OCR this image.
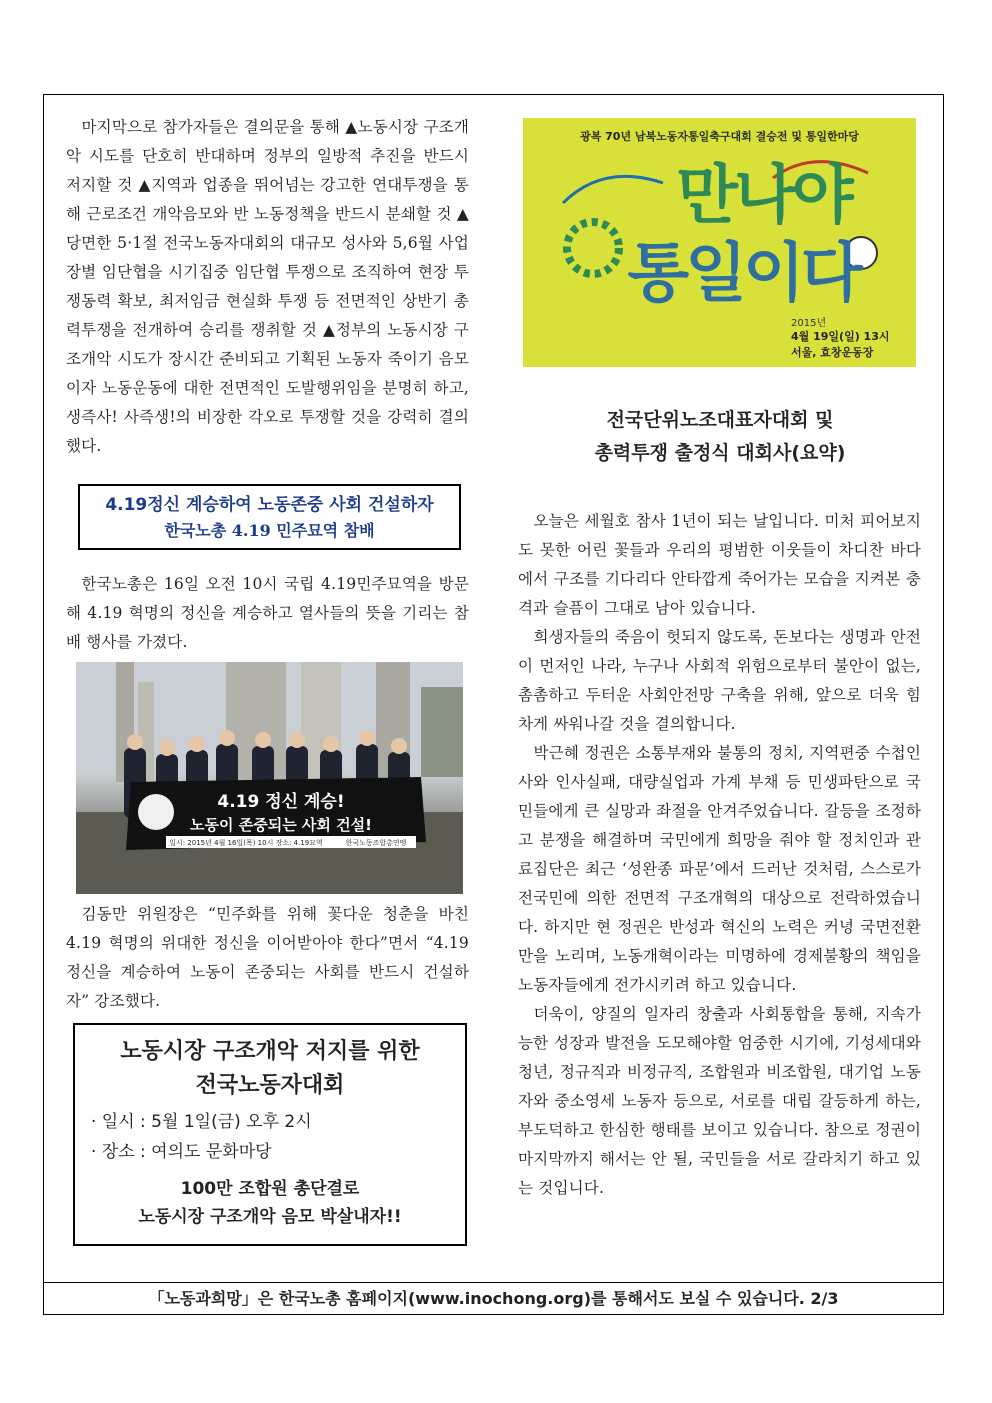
마지막으로 참가자들은 결의문을 통해 ▲노동시장 구조개악 시도를 단호히 반대하며 정부의 일방적 추진을 반드시 저지할 것 ▲지역과 업종을 뛰어넘는 강고한 연대투쟁을 통해 근로조건 개악음모와 반 노동정책을 반드시 분쇄할 것 ▲당면한 5·1절 전국노동자대회의 대규모 성사와 5,6월 사업장별 임단협을 시기집중 임단협 투쟁으로 조직하여 현장 투쟁동력 확보, 최저임금 현실화 투쟁 등 전면적인 상반기 총력투쟁을 전개하여 승리를 쟁취할 것 ▲정부의 노동시장 구조개악 시도가 장시간 준비되고 기획된 노동자 죽이기 음모이자 노동운동에 대한 전면적인 도발행위임을 분명히 하고, 생즉사! 사즉생!의 비장한 각오로 투쟁할 것을 강력히 결의했다.

4.19정신 계승하여 노동존중 사회 건설하자
한국노총 4.19 민주묘역 참배

한국노총은 16일 오전 10시 국립 4.19민주묘역을 방문해 4.19 혁명의 정신을 계승하고 열사들의 뜻을 기리는 참배 행사를 가졌다.

4.19 정신 계승!
노동이 존중되는 사회 건설!
일시: 2015년 4월 16일(목) 10시 장소: 4.19묘역	한국노동조합총연맹

김동만 위원장은 “민주화를 위해 꽃다운 청춘을 바친 4.19 혁명의 위대한 정신을 이어받아야 한다”면서 “4.19 정신을 계승하여 노동이 존중되는 사회를 반드시 건설하자” 강조했다.

노동시장 구조개악 저지를 위한
전국노동자대회
· 일시 : 5월 1일(금) 오후 2시
· 장소 : 여의도 문화마당
100만 조합원 총단결로
노동시장 구조개악 음모 박살내자!!
광복 70년 남북노동자통일축구대회 결승전 및 통일한마당
만나야
통일이다
2015년
4월 19일(일) 13시
서울, 효창운동장
전국단위노조대표자대회 및
총력투쟁 출정식 대회사(요약)

오늘은 세월호 참사 1년이 되는 날입니다. 미처 피어보지도 못한 어린 꽃들과 우리의 평범한 이웃들이 차디찬 바다에서 구조를 기다리다 안타깝게 죽어가는 모습을 지켜본 충격과 슬픔이 그대로 남아 있습니다.

희생자들의 죽음이 헛되지 않도록, 돈보다는 생명과 안전이 먼저인 나라, 누구나 사회적 위험으로부터 불안이 없는, 촘촘하고 두터운 사회안전망 구축을 위해, 앞으로 더욱 힘차게 싸워나갈 것을 결의합니다.

박근혜 정권은 소통부재와 불통의 정치, 지역편중 수첩인사와 인사실패, 대량실업과 가계 부채 등 민생파탄으로 국민들에게 큰 실망과 좌절을 안겨주었습니다. 갈등을 조정하고 분쟁을 해결하며 국민에게 희망을 줘야 할 정치인과 관료집단은 최근 ‘성완종 파문’에서 드러난 것처럼, 스스로가 전국민에 의한 전면적 구조개혁의 대상으로 전락하였습니다. 하지만 현 정권은 반성과 혁신의 노력은 커녕 국면전환만을 노리며, 노동개혁이라는 미명하에 경제불황의 책임을 노동자들에게 전가시키려 하고 있습니다.

더욱이, 양질의 일자리 창출과 사회통합을 통해, 지속가능한 성장과 발전을 도모해야할 엄중한 시기에, 기성세대와 청년, 정규직과 비정규직, 조합원과 비조합원, 대기업 노동자와 중소영세 노동자 등으로, 서로를 대립 갈등하게 하는, 부도덕하고 한심한 행태를 보이고 있습니다. 참으로 정권이 마지막까지 해서는 안 될, 국민들을 서로 갈라치기 하고 있는 것입니다.

「노동과희망」은 한국노총 홈페이지(www.inochong.org)를 통해서도 보실 수 있습니다. 2/3
